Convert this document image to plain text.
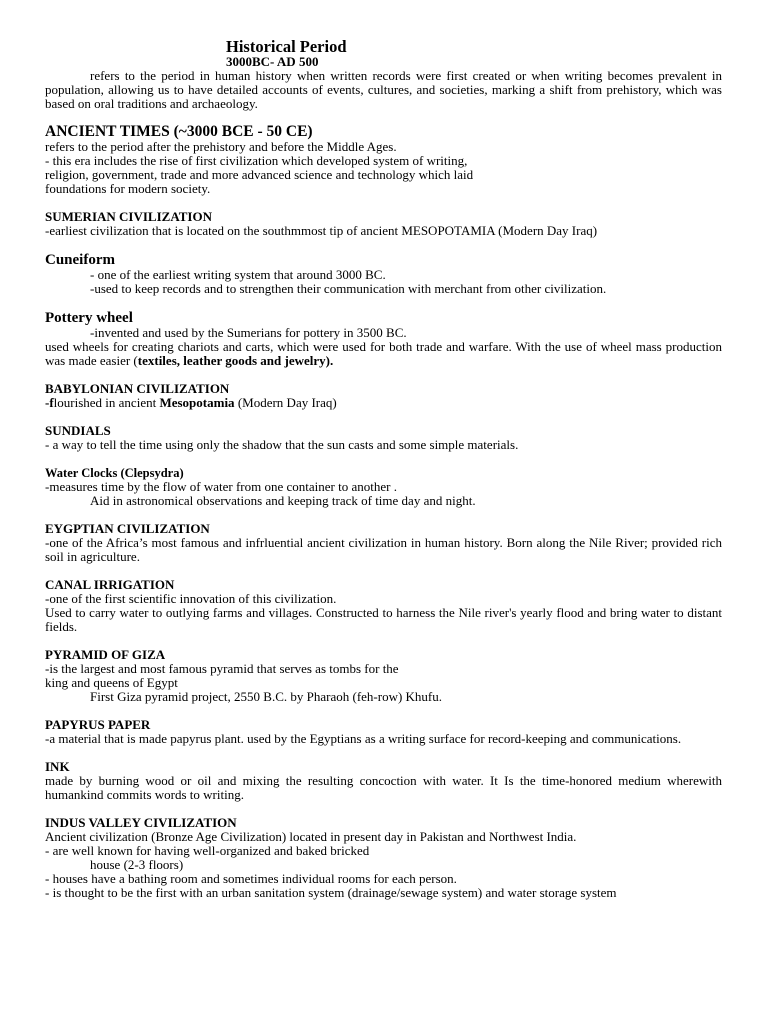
Historical Period
3000BC- AD 500

refers to the period in human history when written records were first created or when writing becomes prevalent in population, allowing us to have detailed accounts of events, cultures, and societies, marking a shift from prehistory, which was based on oral traditions and archaeology.

ANCIENT TIMES (~3000 BCE - 50 CE)

refers to the period after the prehistory and before the Middle Ages.

- this era includes the rise of first civilization which developed system of writing,

religion, government, trade and more advanced science and technology which laid

foundations for modern society.

SUMERIAN CIVILIZATION

-earliest civilization that is located on the southmmost tip of ancient MESOPOTAMIA (Modern Day Iraq)

Cuneiform

- one of the earliest writing system that around 3000 BC.

-used to keep records and to strengthen their communication with merchant from other civilization.

Pottery wheel

-invented and used by the Sumerians for pottery in 3500 BC.

used wheels for creating chariots and carts, which were used for both trade and warfare. With the use of wheel mass production was made easier (textiles, leather goods and jewelry).

BABYLONIAN CIVILIZATION

-flourished in ancient Mesopotamia (Modern Day Iraq)

SUNDIALS

- a way to tell the time using only the shadow that the sun casts and some simple materials.

Water Clocks (Clepsydra)

-measures time by the flow of water from one container to another .

Aid in astronomical observations and keeping track of time day and night.

EYGPTIAN CIVILIZATION

-one of the Africa’s most famous and infrluential ancient civilization in human history. Born along the Nile River; provided rich soil in agriculture.

CANAL IRRIGATION

-one of the first scientific innovation of this civilization.

Used to carry water to outlying farms and villages. Constructed to harness the Nile river's yearly flood and bring water to distant fields.

PYRAMID OF GIZA

-is the largest and most famous pyramid that serves as tombs for the

king and queens of Egypt

First Giza pyramid project, 2550 B.C. by Pharaoh (feh-row) Khufu.

PAPYRUS PAPER

-a material that is made papyrus plant. used by the Egyptians as a writing surface for record-keeping and communications.

INK

made by burning wood or oil and mixing the resulting concoction with water. It Is the time-honored medium wherewith humankind commits words to writing.

INDUS VALLEY CIVILIZATION

Ancient civilization (Bronze Age Civilization) located in present day in Pakistan and Northwest India.

- are well known for having well-organized and baked bricked

house (2-3 floors)

- houses have a bathing room and sometimes individual rooms for each person.

- is thought to be the first with an urban sanitation system (drainage/sewage system) and water storage system
